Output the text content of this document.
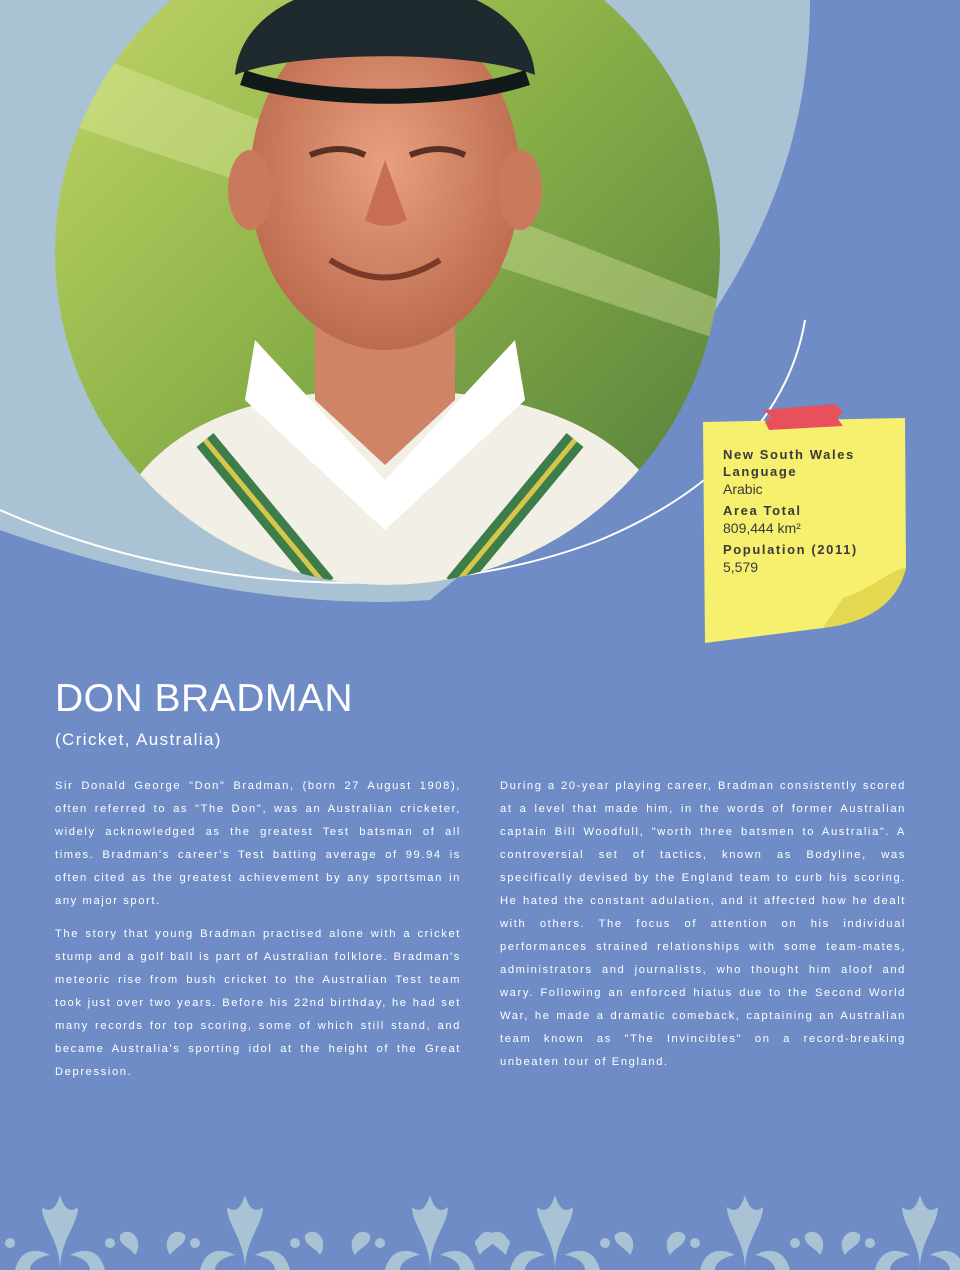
New South Wales
Language
Arabic
Area Total
809,444 km²
Population (2011)
5,579
DON BRADMAN
(Cricket, Australia)

Sir Donald George "Don" Bradman, (born 27 August 1908), often referred to as "The Don", was an Australian cricketer, widely acknowledged as the greatest Test batsman of all times. Bradman's career's Test batting average of 99.94 is often cited as the greatest achievement by any sportsman in any major sport.

The story that young Bradman practised alone with a cricket stump and a golf ball is part of Australian folklore. Bradman's meteoric rise from bush cricket to the Australian Test team took just over two years. Before his 22nd birthday, he had set many records for top scoring, some of which still stand, and became Australia's sporting idol at the height of the Great Depression.

During a 20-year playing career, Bradman consistently scored at a level that made him, in the words of former Australian captain Bill Woodfull, "worth three batsmen to Australia". A controversial set of tactics, known as Bodyline, was specifically devised by the England team to curb his scoring. He hated the constant adulation, and it affected how he dealt with others. The focus of attention on his individual performances strained relationships with some team-mates, administrators and journalists, who thought him aloof and wary. Following an enforced hiatus due to the Second World War, he made a dramatic comeback, captaining an Australian team known as "The Invincibles" on a record-breaking unbeaten tour of England.
